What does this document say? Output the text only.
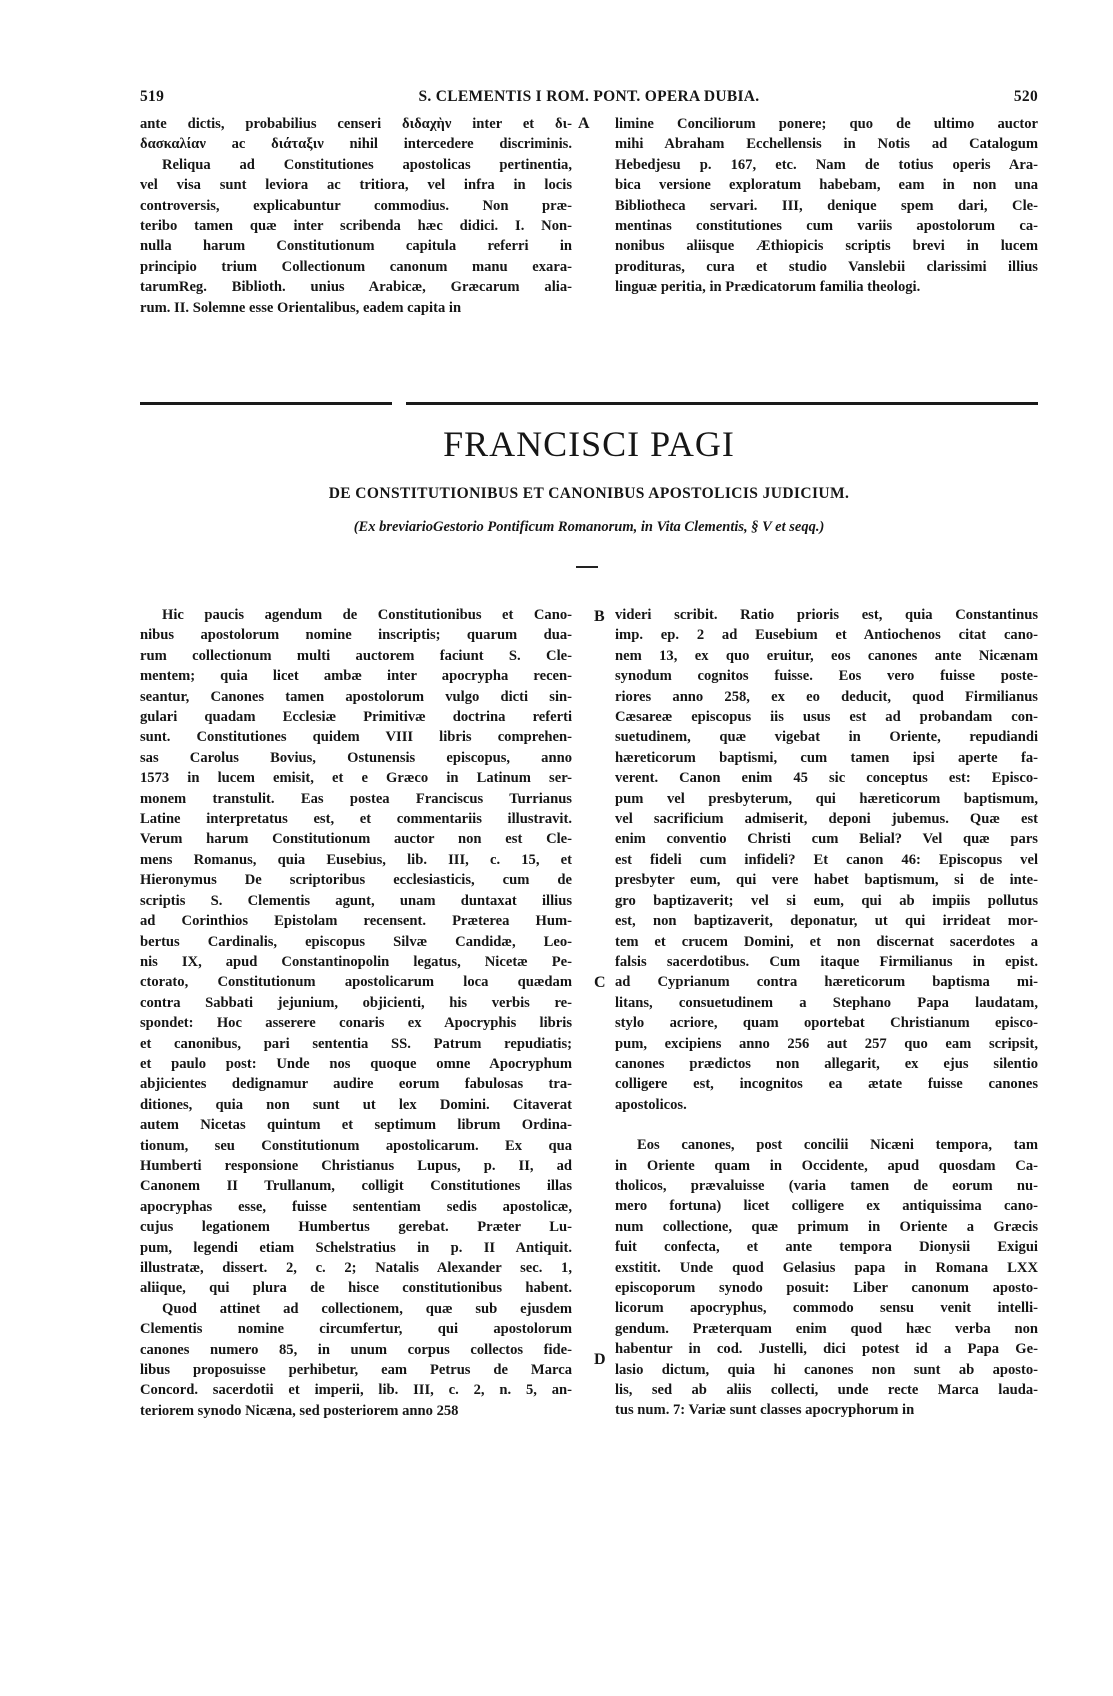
519	S. CLEMENTIS I ROM. PONT. OPERA DUBIA.	520

ante dictis, probabilius censeri διδαχὴν inter et δι-

δασκαλίαν ac διάταξιν nihil intercedere discriminis.

Reliqua ad Constitutiones apostolicas pertinentia,

vel visa sunt leviora ac tritiora, vel infra in locis

controversis, explicabuntur commodius. Non præ-

teribo tamen quæ inter scribenda hæc didici. I. Non-

nulla harum Constitutionum capitula referri in

principio trium Collectionum canonum manu exara-

tarumReg. Biblioth. unius Arabicæ, Græcarum alia-

rum. II. Solemne esse Orientalibus, eadem capita in

limine Conciliorum ponere; quo de ultimo auctor

mihi Abraham Ecchellensis in Notis ad Catalogum

Hebedjesu p. 167, etc. Nam de totius operis Ara-

bica versione exploratum habebam, eam in non una

Bibliotheca servari. III, denique spem dari, Cle-

mentinas constitutiones cum variis apostolorum ca-

nonibus aliisque Æthiopicis scriptis brevi in lucem

prodituras, cura et studio Vanslebii clarissimi illius

linguæ peritia, in Prædicatorum familia theologi.

A
FRANCISCI PAGI
DE CONSTITUTIONIBUS ET CANONIBUS APOSTOLICIS JUDICIUM.
(Ex breviarioGestorio Pontificum Romanorum, in Vita Clementis, § V et seqq.)

Hic paucis agendum de Constitutionibus et Cano-

nibus apostolorum nomine inscriptis; quarum dua-

rum collectionum multi auctorem faciunt S. Cle-

mentem; quia licet ambæ inter apocrypha recen-

seantur, Canones tamen apostolorum vulgo dicti sin-

gulari quadam Ecclesiæ Primitivæ doctrina referti

sunt. Constitutiones quidem VIII libris comprehen-

sas Carolus Bovius, Ostunensis episcopus, anno

1573 in lucem emisit, et e Græco in Latinum ser-

monem transtulit. Eas postea Franciscus Turrianus

Latine interpretatus est, et commentariis illustravit.

Verum harum Constitutionum auctor non est Cle-

mens Romanus, quia Eusebius, lib. III, c. 15, et

Hieronymus De scriptoribus ecclesiasticis, cum de

scriptis S. Clementis agunt, unam duntaxat illius

ad Corinthios Epistolam recensent. Præterea Hum-

bertus Cardinalis, episcopus Silvæ Candidæ, Leo-

nis IX, apud Constantinopolin legatus, Nicetæ Pe-

ctorato, Constitutionum apostolicarum loca quædam

contra Sabbati jejunium, objicienti, his verbis re-

spondet: Hoc asserere conaris ex Apocryphis libris

et canonibus, pari sententia SS. Patrum repudiatis;

et paulo post: Unde nos quoque omne Apocryphum

abjicientes dedignamur audire eorum fabulosas tra-

ditiones, quia non sunt ut lex Domini. Citaverat

autem Nicetas quintum et septimum librum Ordina-

tionum, seu Constitutionum apostolicarum. Ex qua

Humberti responsione Christianus Lupus, p. II, ad

Canonem II Trullanum, colligit Constitutiones illas

apocryphas esse, fuisse sententiam sedis apostolicæ,

cujus legationem Humbertus gerebat. Præter Lu-

pum, legendi etiam Schelstratius in p. II Antiquit.

illustratæ, dissert. 2, c. 2; Natalis Alexander sec. 1,

aliique, qui plura de hisce constitutionibus habent.

Quod attinet ad collectionem, quæ sub ejusdem

Clementis nomine circumfertur, qui apostolorum

canones numero 85, in unum corpus collectos fide-

libus proposuisse perhibetur, eam Petrus de Marca

Concord. sacerdotii et imperii, lib. III, c. 2, n. 5, an-

teriorem synodo Nicæna, sed posteriorem anno 258

videri scribit. Ratio prioris est, quia Constantinus

imp. ep. 2 ad Eusebium et Antiochenos citat cano-

nem 13, ex quo eruitur, eos canones ante Nicænam

synodum cognitos fuisse. Eos vero fuisse poste-

riores anno 258, ex eo deducit, quod Firmilianus

Cæsareæ episcopus iis usus est ad probandam con-

suetudinem, quæ vigebat in Oriente, repudiandi

hæreticorum baptismi, cum tamen ipsi aperte fa-

verent. Canon enim 45 sic conceptus est: Episco-

pum vel presbyterum, qui hæreticorum baptismum,

vel sacrificium admiserit, deponi jubemus. Quæ est

enim conventio Christi cum Belial? Vel quæ pars

est fideli cum infideli? Et canon 46: Episcopus vel

presbyter eum, qui vere habet baptismum, si de inte-

gro baptizaverit; vel si eum, qui ab impiis pollutus

est, non baptizaverit, deponatur, ut qui irrideat mor-

tem et crucem Domini, et non discernat sacerdotes a

falsis sacerdotibus. Cum itaque Firmilianus in epist.

ad Cyprianum contra hæreticorum baptisma mi-

litans, consuetudinem a Stephano Papa laudatam,

stylo acriore, quam oportebat Christianum episco-

pum, excipiens anno 256 aut 257 quo eam scripsit,

canones prædictos non allegarit, ex ejus silentio

colligere est, incognitos ea ætate fuisse canones

apostolicos.

Eos canones, post concilii Nicæni tempora, tam

in Oriente quam in Occidente, apud quosdam Ca-

tholicos, prævaluisse (varia tamen de eorum nu-

mero fortuna) licet colligere ex antiquissima cano-

num collectione, quæ primum in Oriente a Græcis

fuit confecta, et ante tempora Dionysii Exigui

exstitit. Unde quod Gelasius papa in Romana LXX

episcoporum synodo posuit: Liber canonum aposto-

licorum apocryphus, commodo sensu venit intelli-

gendum. Præterquam enim quod hæc verba non

habentur in cod. Justelli, dici potest id a Papa Ge-

lasio dictum, quia hi canones non sunt ab aposto-

lis, sed ab aliis collecti, unde recte Marca lauda-

tus num. 7: Variæ sunt classes apocryphorum in

B
C
D
